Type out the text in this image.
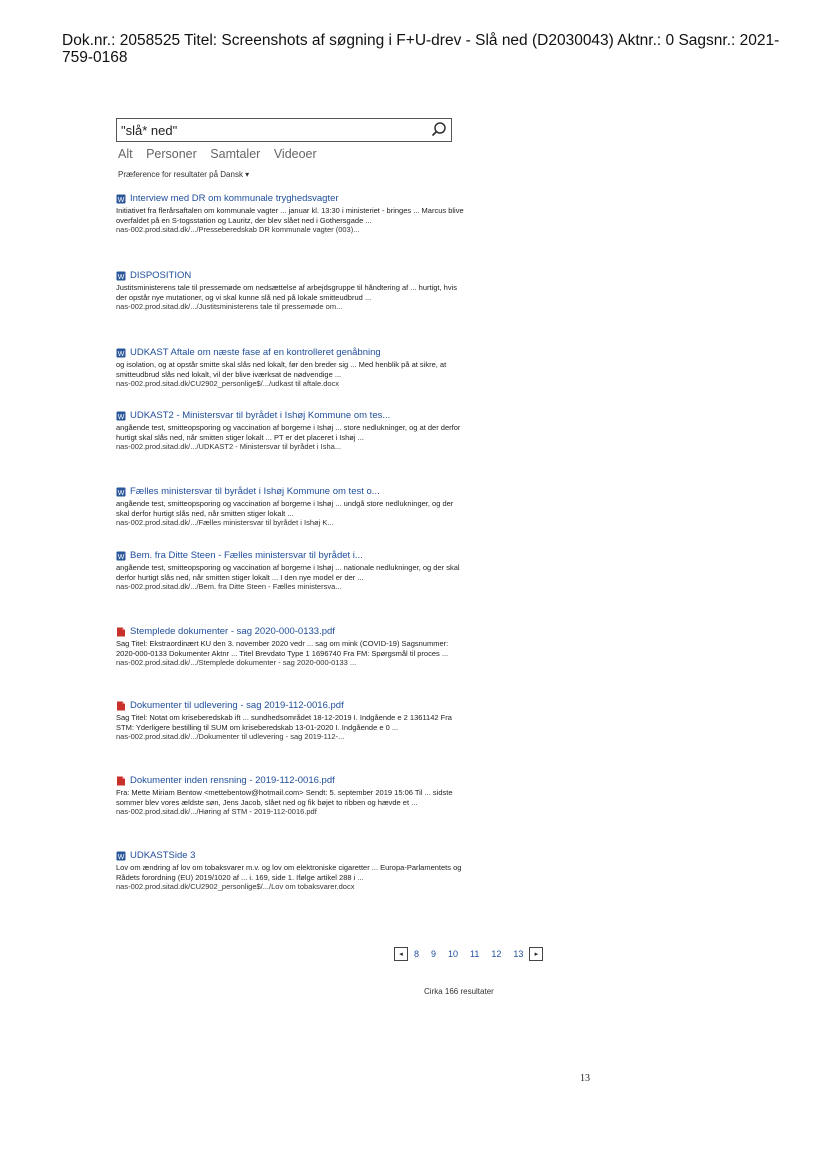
Dok.nr.: 2058525 Titel: Screenshots af søgning i F+U-drev - Slå ned (D2030043) Aktnr.: 0 Sagsnr.: 2021-759-0168
"slå* ned"
Alt Personer Samtaler Videoer
Præference for resultater på Dansk ▾
W Interview med DR om kommunale tryghedsvagter
Initiativet fra flerårsaftalen om kommunale vagter ... januar kl. 13:30 i ministeriet - bringes ... Marcus blive overfaldet på en S-togsstation og Lauritz, der blev slået ned i Gothersgade ...
nas-002.prod.sitad.dk/.../Presseberedskab DR kommunale vagter (003)...
W DISPOSITION
Justitsministerens tale til pressemøde om nedsættelse af arbejdsgruppe til håndtering af ... hurtigt, hvis der opstår nye mutationer, og vi skal kunne slå ned på lokale smitteudbrud ...
nas-002.prod.sitad.dk/.../Justitsministerens tale til pressemøde om...
W UDKAST Aftale om næste fase af en kontrolleret genåbning
og isolation, og at opstår smitte skal slås ned lokalt, før den breder sig ... Med henblik på at sikre, at smitteudbrud slås ned lokalt, vil der blive iværksat de nødvendige ...
nas-002.prod.sitad.dk/CU2902_personlige$/.../udkast til aftale.docx
W UDKAST2 - Ministersvar til byrådet i Ishøj Kommune om tes...
angående test, smitteopsporing og vaccination af borgerne i Ishøj ... store nedlukninger, og at der derfor hurtigt skal slås ned, når smitten stiger lokalt ... PT er det placeret i Ishøj ...
nas-002.prod.sitad.dk/.../UDKAST2 - Ministersvar til byrådet i Isha...
W Fælles ministersvar til byrådet i Ishøj Kommune om test o...
angående test, smitteopsporing og vaccination af borgerne i Ishøj ... undgå store nedlukninger, og der skal derfor hurtigt slås ned, når smitten stiger lokalt ...
nas-002.prod.sitad.dk/.../Fælles ministersvar til byrådet i Ishøj K...
W Bem. fra Ditte Steen - Fælles ministersvar til byrådet i...
angående test, smitteopsporing og vaccination af borgerne i Ishøj ... nationale nedlukninger, og der skal derfor hurtigt slås ned, når smitten stiger lokalt ... I den nye model er der ...
nas-002.prod.sitad.dk/.../Bem. fra Ditte Steen - Fælles ministersva...
Stemplede dokumenter - sag 2020-000-0133.pdf
Sag Titel: Ekstraordinært KU den 3. november 2020 vedr ... sag om mink (COVID-19) Sagsnummer: 2020-000-0133 Dokumenter Aktnr ... Titel Brevdato Type 1 1696740 Fra FM: Spørgsmål til proces ...
nas-002.prod.sitad.dk/.../Stemplede dokumenter - sag 2020-000-0133 ...
Dokumenter til udlevering - sag 2019-112-0016.pdf
Sag Titel: Notat om kriseberedskab ift ... sundhedsområdet 18-12-2019 I. Indgående e 2 1361142 Fra STM: Yderligere bestilling til SUM om kriseberedskab 13-01-2020 I. Indgående e 0 ...
nas-002.prod.sitad.dk/.../Dokumenter til udlevering - sag 2019-112-...
Dokumenter inden rensning - 2019-112-0016.pdf
Fra: Mette Miriam Bentow <mettebentow@hotmail.com> Sendt: 5. september 2019 15:06 Til ... sidste sommer blev vores ældste søn, Jens Jacob, slået ned og fik bøjet to ribben og hævde et ...
nas-002.prod.sitad.dk/.../Høring af STM - 2019-112-0016.pdf
W UDKASTSide 3
Lov om ændring af lov om tobaksvarer m.v. og lov om elektroniske cigaretter ... Europa-Parlamentets og Rådets forordning (EU) 2019/1020 af ... i. 169, side 1. Ifølge artikel 288 i ...
nas-002.prod.sitad.dk/CU2902_personlige$/.../Lov om tobaksvarer.docx
◂	8 9 10 11 12 13	▸
Cirka 166 resultater
13
